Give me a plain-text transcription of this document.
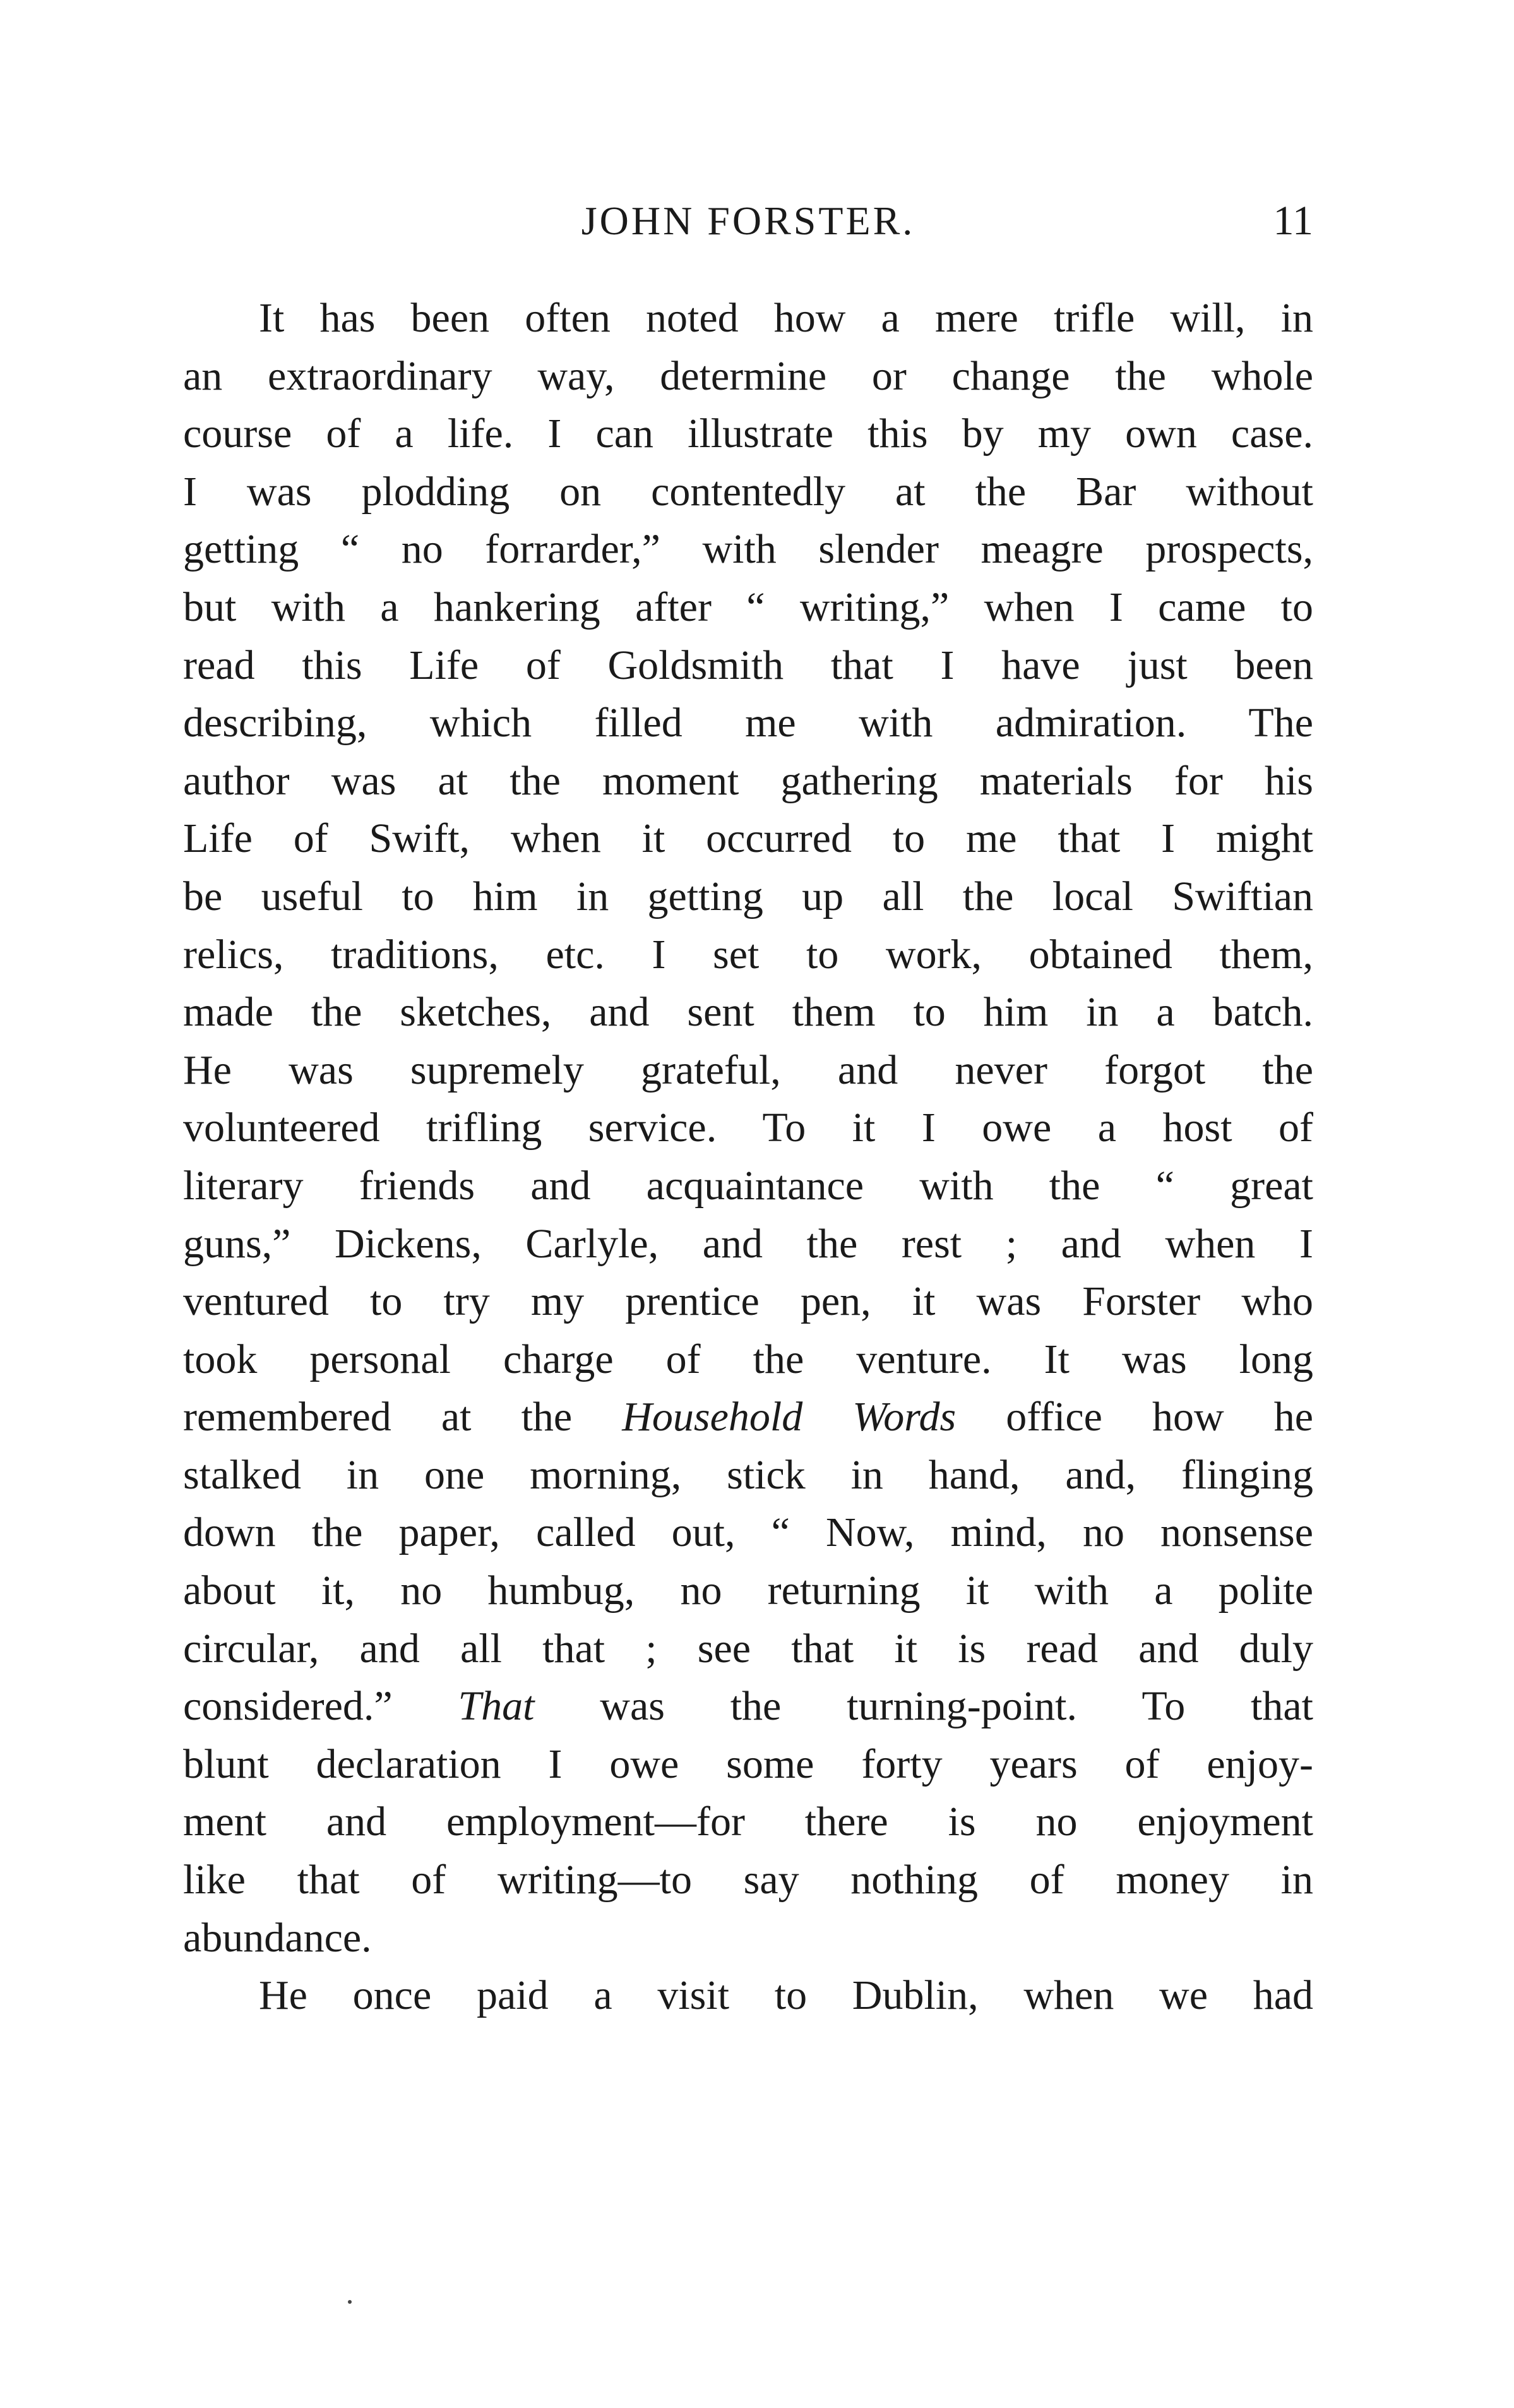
JOHN FORSTER.	11
It has been often noted how a mere trifle will, in
an extraordinary way, determine or change the whole
course of a life. I can illustrate this by my own case.
I was plodding on contentedly at the Bar without
getting “ no forrarder,” with slender meagre prospects,
but with a hankering after “ writing,” when I came to
read this Life of Goldsmith that I have just been
describing, which filled me with admiration. The
author was at the moment gathering materials for his
Life of Swift, when it occurred to me that I might
be useful to him in getting up all the local Swiftian
relics, traditions, etc. I set to work, obtained them,
made the sketches, and sent them to him in a batch.
He was supremely grateful, and never forgot the
volunteered trifling service. To it I owe a host of
literary friends and acquaintance with the “ great
guns,” Dickens, Carlyle, and the rest ; and when I
ventured to try my prentice pen, it was Forster who
took personal charge of the venture. It was long
remembered at the Household Words office how he
stalked in one morning, stick in hand, and, flinging
down the paper, called out, “ Now, mind, no nonsense
about it, no humbug, no returning it with a polite
circular, and all that ; see that it is read and duly
considered.” That was the turning-point. To that
blunt declaration I owe some forty years of enjoy-
ment and employment—for there is no enjoyment
like that of writing—to say nothing of money in
abundance.
He once paid a visit to Dublin, when we had
